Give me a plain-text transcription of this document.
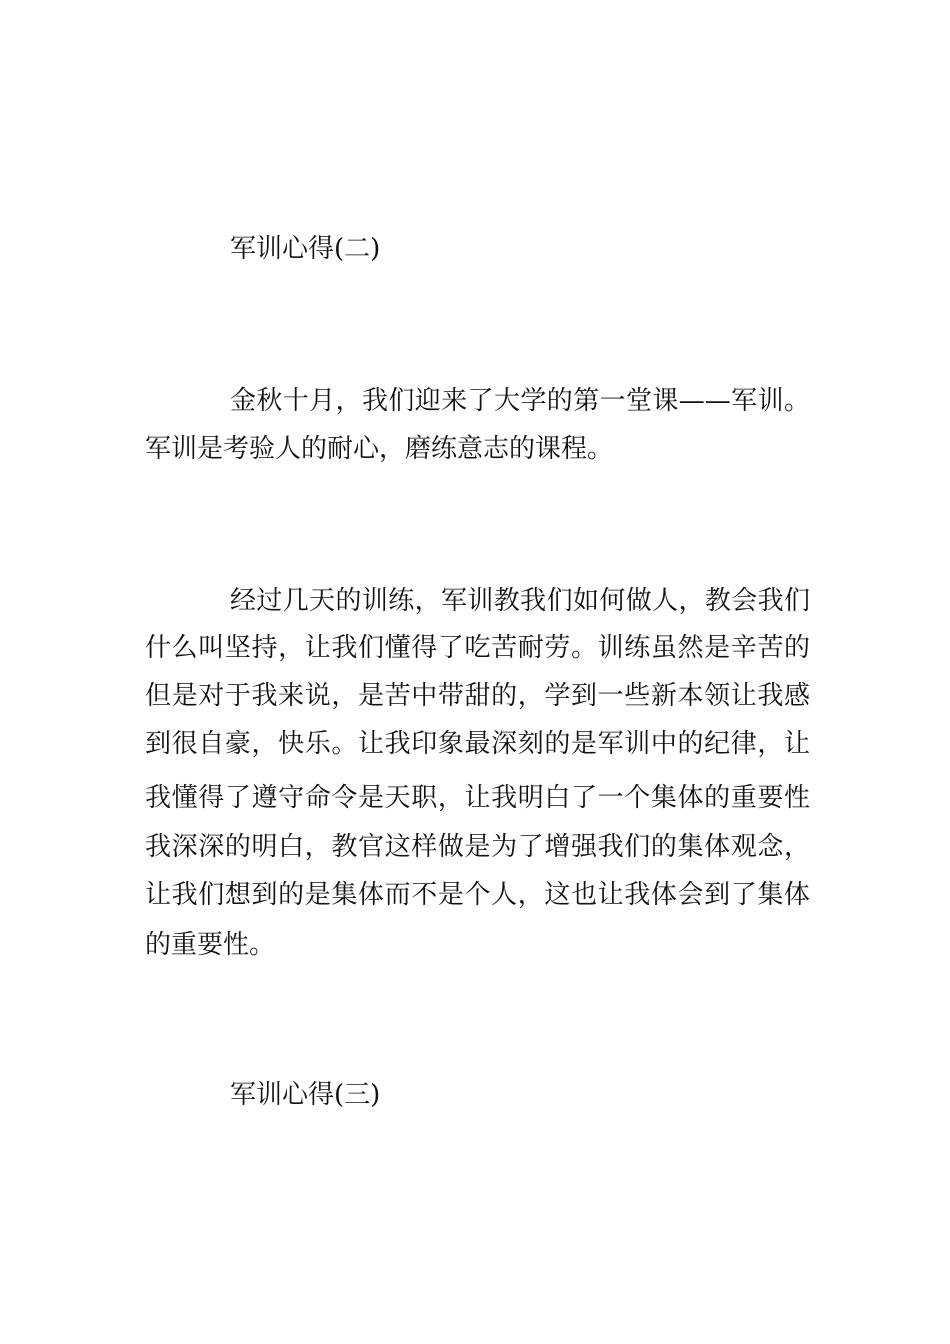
军训心得(二)
金秋十月，我们迎来了大学的第一堂课——军训。
军训是考验人的耐心，磨练意志的课程。
经过几天的训练，军训教我们如何做人，教会我们
什么叫坚持，让我们懂得了吃苦耐劳。训练虽然是辛苦的
但是对于我来说，是苦中带甜的，学到一些新本领让我感
到很自豪，快乐。让我印象最深刻的是军训中的纪律，让
我懂得了遵守命令是天职，让我明白了一个集体的重要性
我深深的明白，教官这样做是为了增强我们的集体观念，
让我们想到的是集体而不是个人，这也让我体会到了集体
的重要性。
军训心得(三)
